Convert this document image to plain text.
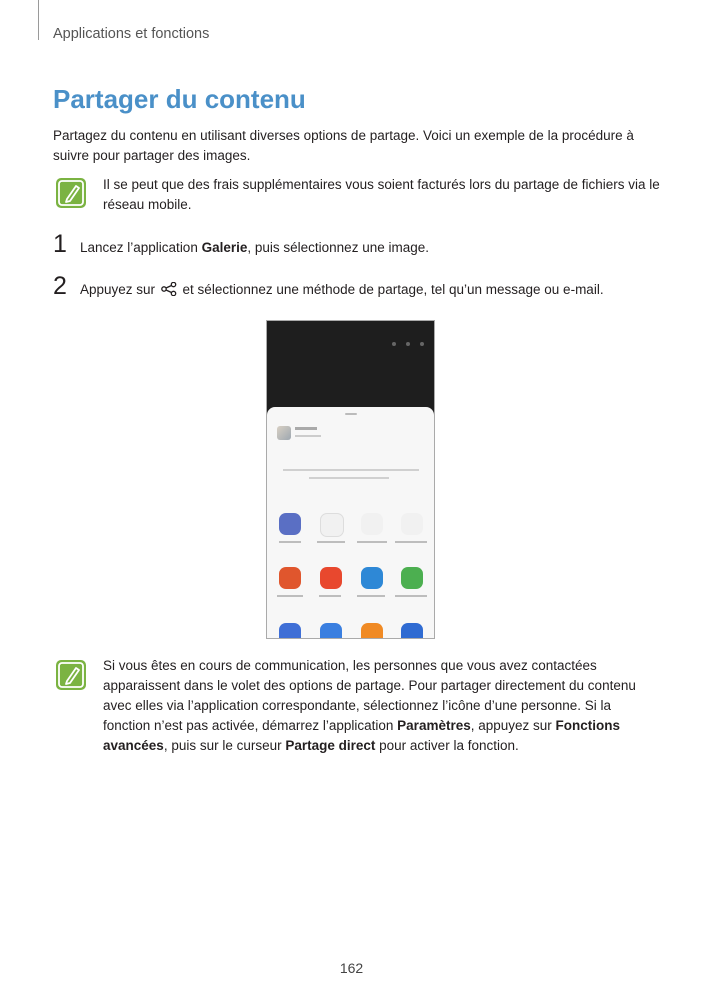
Applications et fonctions
Partager du contenu

Partagez du contenu en utilisant diverses options de partage. Voici un exemple de la procédure à suivre pour partager des images.

Il se peut que des frais supplémentaires vous soient facturés lors du partage de fichiers via le
réseau mobile.

1 Lancez l’application Galerie, puis sélectionnez une image.
2 Appuyez sur  et sélectionnez une méthode de partage, tel qu’un message ou e-mail.

Si vous êtes en cours de communication, les personnes que vous avez contactées
apparaissent dans le volet des options de partage. Pour partager directement du contenu
avec elles via l’application correspondante, sélectionnez l’icône d’une personne. Si la
fonction n’est pas activée, démarrez l’application Paramètres, appuyez sur Fonctions
avancées, puis sur le curseur Partage direct pour activer la fonction.

162
